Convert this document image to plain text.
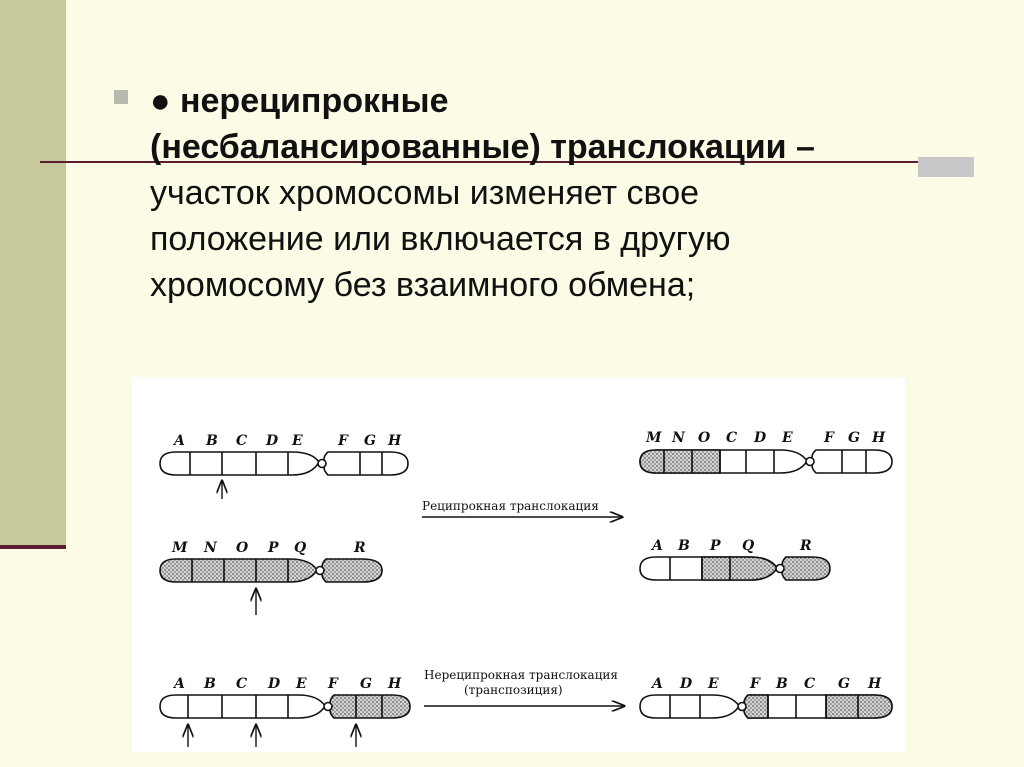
● нереципрокные
(несбалансированные) транслокации –
участок хромосомы изменяет свое
положение или включается в другую
хромосому без взаимного обмена;
A B C D E	F G H	M N O C D E F G H
Реципрокная транслокация
M N O P Q	R	A B P Q	R
A B C D E F G H
Нереципрокная транслокация
(транспозиция)	A D E F B C G H
